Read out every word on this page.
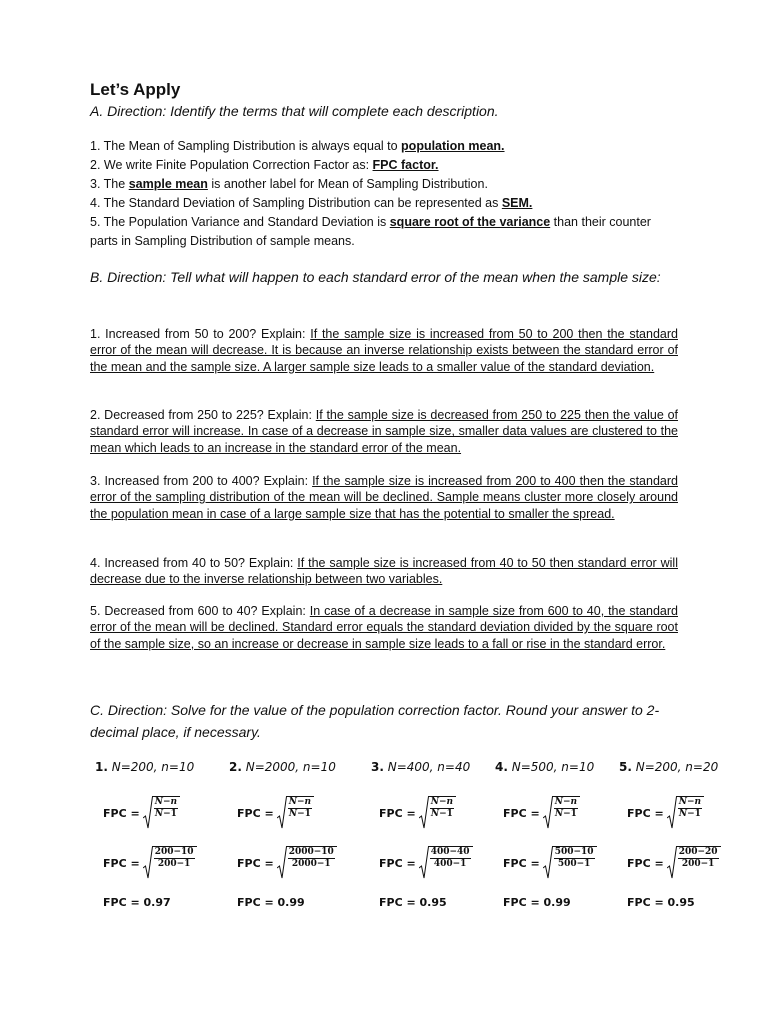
Let’s Apply
A. Direction: Identify the terms that will complete each description.

1. The Mean of Sampling Distribution is always equal to population mean.

2. We write Finite Population Correction Factor as: FPC factor.

3. The sample mean is another label for Mean of Sampling Distribution.

4. The Standard Deviation of Sampling Distribution can be represented as SEM.

5. The Population Variance and Standard Deviation is square root of the variance than their counter parts in Sampling Distribution of sample means.

B. Direction: Tell what will happen to each standard error of the mean when the sample size:
1. Increased from 50 to 200? Explain: If the sample size is increased from 50 to 200 then the standard error of the mean will decrease. It is because an inverse relationship exists between the standard error of the mean and the sample size. A larger sample size leads to a smaller value of the standard deviation.
2. Decreased from 250 to 225? Explain: If the sample size is decreased from 250 to 225 then the value of standard error will increase. In case of a decrease in sample size, smaller data values are clustered to the mean which leads to an increase in the standard error of the mean.
3. Increased from 200 to 400? Explain: If the sample size is increased from 200 to 400 then the standard error of the sampling distribution of the mean will be declined. Sample means cluster more closely around the population mean in case of a large sample size that has the potential to smaller the spread.
4. Increased from 40 to 50? Explain: If the sample size is increased from 40 to 50 then standard error will decrease due to the inverse relationship between two variables.
5. Decreased from 600 to 40? Explain: In case of a decrease in sample size from 600 to 40, the standard error of the mean will be declined. Standard error equals the standard deviation divided by the square root of the sample size, so an increase or decrease in sample size leads to a fall or rise in the standard error.
C. Direction: Solve for the value of the population correction factor. Round your answer to 2-decimal place, if necessary.
1. N=200, n=10
FPC =
N−n
N−1
FPC =
200−10
200−1
FPC = 0.97
2. N=2000, n=10
FPC =
N−n
N−1
FPC =
2000−10
2000−1
FPC = 0.99
3. N=400, n=40
FPC =
N−n
N−1
FPC =
400−40
400−1
FPC = 0.95
4. N=500, n=10
FPC =
N−n
N−1
FPC =
500−10
500−1
FPC = 0.99
5. N=200, n=20
FPC =
N−n
N−1
FPC =
200−20
200−1
FPC = 0.95
